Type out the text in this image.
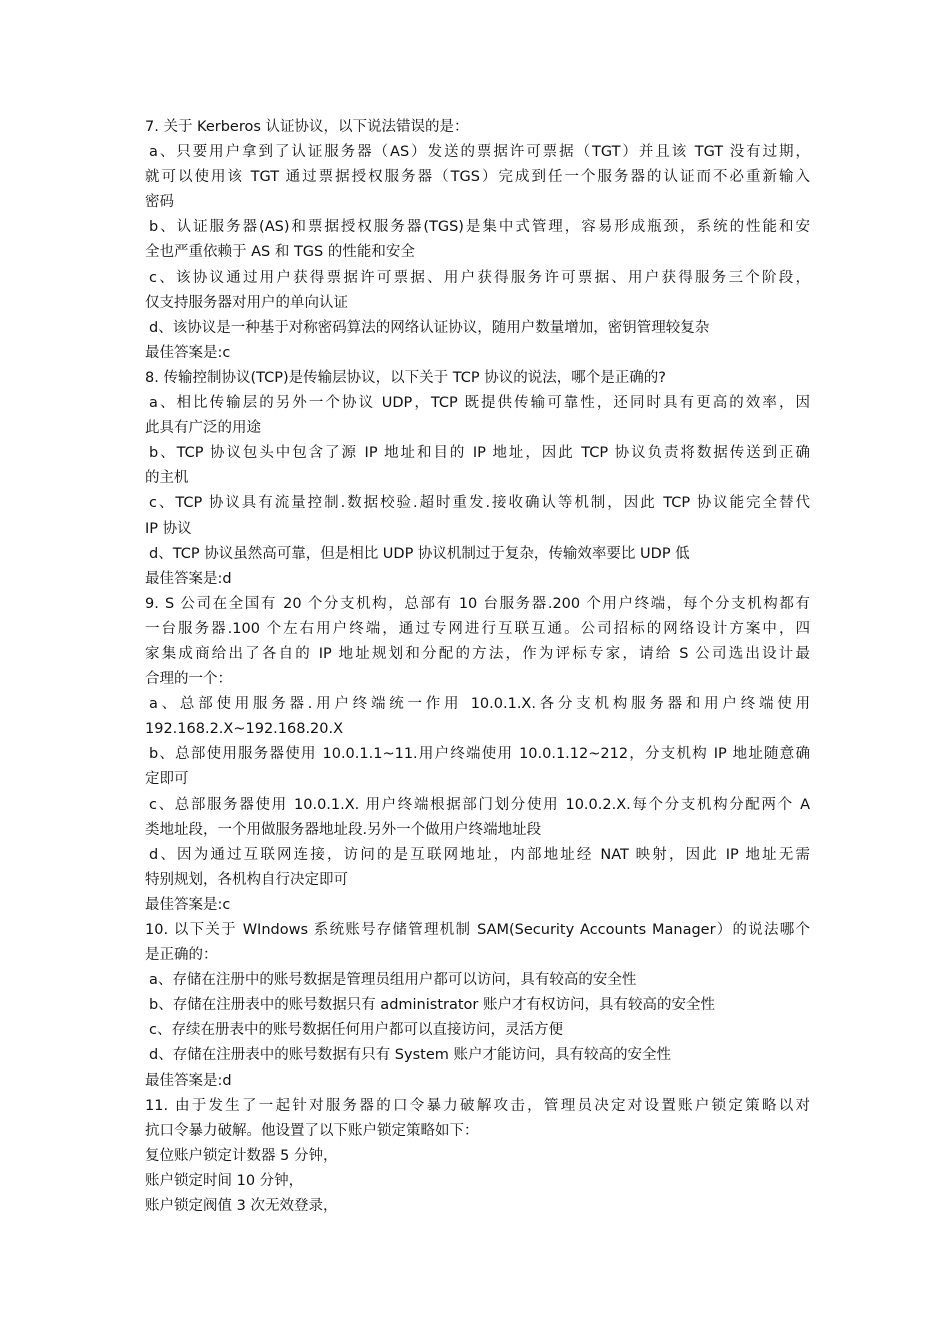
7. 关于 Kerberos 认证协议，以下说法错误的是：
a、只要用户拿到了认证服务器（AS）发送的票据许可票据（TGT）并且该 TGT 没有过期，
就可以使用该 TGT 通过票据授权服务器（TGS）完成到任一个服务器的认证而不必重新输入
密码
b、认证服务器(AS)和票据授权服务器(TGS)是集中式管理，容易形成瓶颈，系统的性能和安
全也严重依赖于 AS 和 TGS 的性能和安全
c、该协议通过用户获得票据许可票据、用户获得服务许可票据、用户获得服务三个阶段，
仅支持服务器对用户的单向认证
d、该协议是一种基于对称密码算法的网络认证协议，随用户数量增加，密钥管理较复杂
最佳答案是:c
8. 传输控制协议(TCP)是传输层协议，以下关于 TCP 协议的说法，哪个是正确的?
a、相比传输层的另外一个协议 UDP，TCP 既提供传输可靠性，还同时具有更高的效率，因
此具有广泛的用途
b、TCP 协议包头中包含了源 IP 地址和目的 IP 地址，因此 TCP 协议负责将数据传送到正确
的主机
c、TCP 协议具有流量控制.数据校验.超时重发.接收确认等机制，因此 TCP 协议能完全替代
IP 协议
d、TCP 协议虽然高可靠，但是相比 UDP 协议机制过于复杂，传输效率要比 UDP 低
最佳答案是:d
9. S 公司在全国有 20 个分支机构，总部有 10 台服务器.200 个用户终端，每个分支机构都有
一台服务器.100 个左右用户终端，通过专网进行互联互通。公司招标的网络设计方案中，四
家集成商给出了各自的 IP 地址规划和分配的方法，作为评标专家，请给 S 公司选出设计最
合理的一个：
a、总部使用服务器.用户终端统一作用 10.0.1.X.各分支机构服务器和用户终端使用
192.168.2.X~192.168.20.X
b、总部使用服务器使用 10.0.1.1~11.用户终端使用 10.0.1.12~212，分支机构 IP 地址随意确
定即可
c、总部服务器使用 10.0.1.X. 用户终端根据部门划分使用 10.0.2.X.每个分支机构分配两个 A
类地址段，一个用做服务器地址段.另外一个做用户终端地址段
d、因为通过互联网连接，访问的是互联网地址，内部地址经 NAT 映射，因此 IP 地址无需
特别规划，各机构自行决定即可
最佳答案是:c
10. 以下关于 WIndows 系统账号存储管理机制 SAM(Security Accounts Manager）的说法哪个
是正确的：
a、存储在注册中的账号数据是管理员组用户都可以访问，具有较高的安全性
b、存储在注册表中的账号数据只有 administrator 账户才有权访问，具有较高的安全性
c、存续在册表中的账号数据任何用户都可以直接访问，灵活方便
d、存储在注册表中的账号数据有只有 System 账户才能访问，具有较高的安全性
最佳答案是:d
11. 由于发生了一起针对服务器的口令暴力破解攻击，管理员决定对设置账户锁定策略以对
抗口令暴力破解。他设置了以下账户锁定策略如下：
复位账户锁定计数器 5 分钟，
账户锁定时间 10 分钟，
账户锁定阀值 3 次无效登录，
